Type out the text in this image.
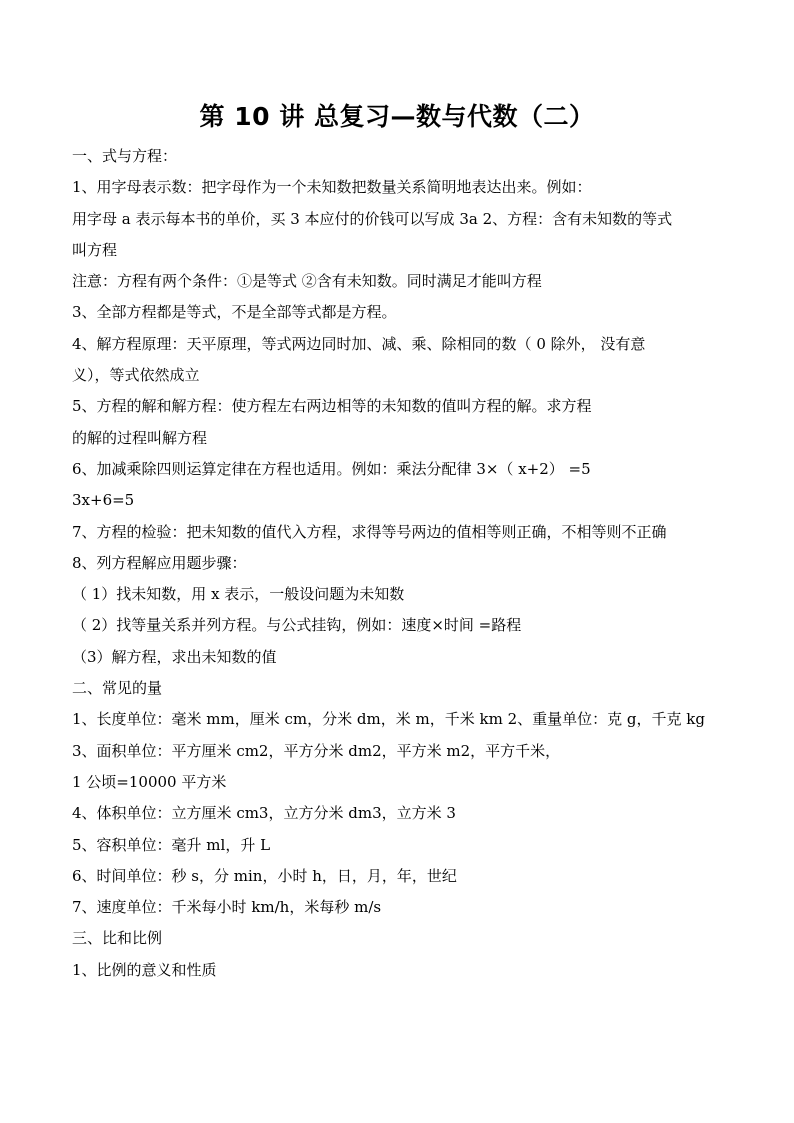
第 10 讲 总复习—数与代数（二）
一、式与方程：
1、用字母表示数：把字母作为一个未知数把数量关系简明地表达出来。例如：
用字母 a 表示每本书的单价，买 3 本应付的价钱可以写成 3a 2、方程：含有未知数的等式
叫方程
注意：方程有两个条件：①是等式 ②含有未知数。同时满足才能叫方程
3、全部方程都是等式，不是全部等式都是方程。
4、解方程原理：天平原理，等式两边同时加、减、乘、除相同的数（ 0 除外， 没有意
义），等式依然成立
5、方程的解和解方程：使方程左右两边相等的未知数的值叫方程的解。求方程
的解的过程叫解方程
6、加减乘除四则运算定律在方程也适用。例如：乘法分配律 3×（ x+2） =5
3x+6=5
7、方程的检验：把未知数的值代入方程，求得等号两边的值相等则正确，不相等则不正确
8、列方程解应用题步骤：
（ 1）找未知数，用 x 表示，一般设问题为未知数
（ 2）找等量关系并列方程。与公式挂钩，例如：速度×时间 =路程
（3）解方程，求出未知数的值
二、常见的量
1、长度单位：毫米 mm，厘米 cm，分米 dm，米 m，千米 km 2、重量单位：克 g，千克 kg
3、面积单位：平方厘米 cm2，平方分米 dm2，平方米 m2，平方千米，
1 公顷=10000 平方米
4、体积单位：立方厘米 cm3，立方分米 dm3，立方米 3
5、容积单位：毫升 ml，升 L
6、时间单位：秒 s，分 min，小时 h，日，月，年，世纪
7、速度单位：千米每小时 km/h，米每秒 m/s
三、比和比例
1、比例的意义和性质
